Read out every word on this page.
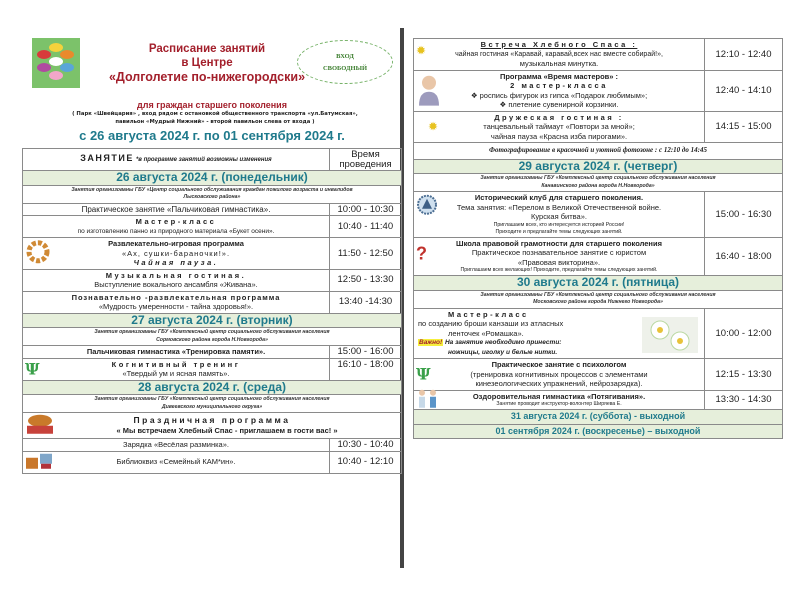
Расписание занятий
в Центре
«Долголетие по-нижегородски»
ВХОД
СВОБОДНЫЙ
для граждан старшего поколения
( Парк «Швейцария» , вход рядом с остановкой общественного транспорта «ул.Батумская»,
павильон «Мудрый Нижний» - второй павильон слева от входа )
с 26 августа 2024 г. по 01 сентября 2024 г.
ЗАНЯТИЕ *в программе занятий возможны изменения	Время
проведения

26 августа 2024 г. (понедельник)	

Занятия организованы ГБУ «Центр социального обслуживания граждан пожилого возраста и инвалидов
Лысковского района»	

Практическое занятие «Пальчиковая гимнастика».	10:00 - 10:30

Мастер-класс
по изготовлению панно из природного материала «Букет осени».	10:40 - 11:40

Развлекательно-игровая программа
«Ах, сушки-бараночки!».
Чайная пауза.	11:50 - 12:50

Музыкальная гостиная.
Выступление вокального ансамбля «Живана».	12:50 - 13:30

Познавательно -развлекательная программа
«Мудрость умеренности - тайна здоровья!».	13:40 -14:30
27 августа 2024 г. (вторник)	

Занятия организованы ГБУ «Комплексный центр социального обслуживания населения
Сормовского района города Н.Новгорода»	

Пальчиковая гимнастика «Тренировка памяти».	15:00 - 16:00

Ψ Когнитивный тренинг
«Твердый ум и ясная память».	16:10 - 18:00
28 августа 2024 г. (среда)	

Занятия организованы ГБУ «Комплексный центр социального обслуживания населения
Дивеевского муниципального округа»	

Праздничная программа
« Мы встречаем Хлебный Спас - приглашаем в гости вас! »	

Зарядка «Весёлая разминка».	10:30 - 10:40

Библиоквиз «Семейный КАМ*ин».	10:40 - 12:10
✹ Встреча Хлебного Спаса :
чайная гостиная «Каравай, каравай,всех нас вместе собирай!»,
музыкальная минутка.	12:10 - 12:40

Программа «Время мастеров» :
2 мастер-класса
❖ роспись фигурок из гипса «Подарок любимым»;
❖ плетение сувенирной корзинки.	12:40 - 14:10

✹
Дружеская гостиная :
танцевальный таймаут «Повтори за мной»;
чайная пауза «Красна изба пирогами».	14:15 - 15:00
Фотографирование в красочной и уютной фотозоне : с 12:10 до 14:45	
29 августа 2024 г. (четверг)	

Занятия организованы ГБУ «Комплексный центр социального обслуживания населения
Канавинского района города Н.Новгорода»	

Исторический клуб для старшего поколения.
Тема занятия: «Перелом в Великой Отечественной войне.
Курская битва».
Приглашаем всех, кто интересуется историей России!
Приходите и предлагайте темы следующих занятий.	15:00 - 16:30

?
Школа правовой грамотности для старшего поколения
Практическое познавательное занятие с юристом
«Правовая викторина».
Приглашаем всех желающих! Приходите, предлагайте темы следующих занятий.	16:40 - 18:00
30 августа 2024 г. (пятница)	

Занятия организованы ГБУ «Комплексный центр социального обслуживания населения
Московского района города Нижнего Новгорода»	

Мастер-класс
по созданию броши канзаши из атласных
ленточек «Ромашка».
Важно! На занятие необходимо принести:
ножницы, иголку и белые нитки.	10:00 - 12:00

Ψ Практическое занятие с психологом
(тренировка когнитивных процессов с элементами
кинезеологических упражнений, нейрозарядка).	12:15 - 13:30

Оздоровительная гимнастика «Потягивания».
Занятие проводит инструктор-волонтер Ширяева Е.	13:30 - 14:30
31 августа 2024 г. (суббота) - выходной	
01 сентября 2024 г. (воскресенье) – выходной	
